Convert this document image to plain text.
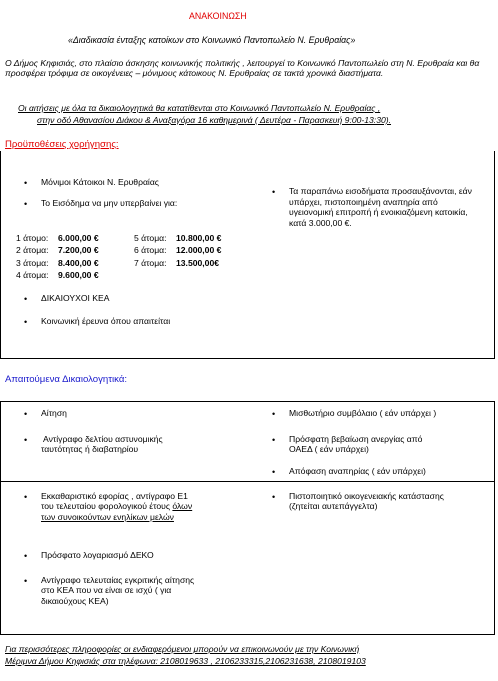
ΑΝΑΚΟΙΝΩΣΗ
«Διαδικασία ένταξης κατοίκων στο Κοινωνικό Παντοπωλείο Ν. Ερυθραίας»
Ο Δήμος Κηφισιάς, στο πλαίσιο άσκησης κοινωνικής πολιτικής , λειτουργεί το Κοινωνικό Παντοπωλείο στη Ν. Ερυθραία και θα προσφέρει τρόφιμα σε οικογένειες – μόνιμους κάτοικους Ν. Ερυθραίας σε τακτά χρονικά διαστήματα.
Οι αιτήσεις με όλα τα δικαιολογητικά θα κατατίθενται στο Κοινωνικό Παντοπωλείο Ν. Ερυθραίας ,
στην οδό Αθανασίου Διάκου & Αναξαγόρα 16 καθημερινά ( Δευτέρα - Παρασκευή 9:00-13:30).
Προϋποθέσεις χορήγησης:
• Μόνιμοι Κάτοικοι Ν. Ερυθραίας
• Το Εισόδημα να μην υπερβαίνει για:
1 άτομο:	6.000,00 €	5 άτομα:	10.800,00 €
2 άτομα:	7.200,00 €	6 άτομα:	12.000,00 €
3 άτομα:	8.400,00 €	7 άτομα:	13.500,00€
4 άτομα:	9.600,00 €		
• ΔΙΚΑΙΟΥΧΟΙ ΚΕΑ
• Κοινωνική έρευνα όπου απαιτείται
• Τα παραπάνω εισοδήματα προσαυξάνονται, εάν υπάρχει, πιστοποιημένη αναπηρία από υγειονομική επιτροπή ή ενοικιαζόμενη κατοικία, κατά 3.000,00 €.
Απαιτούμενα Δικαιολογητικά:
• Αίτηση
• Αντίγραφο δελτίου αστυνομικής
ταυτότητας ή διαβατηρίου
• Μισθωτήριο συμβόλαιο ( εάν υπάρχει )
• Πρόσφατη βεβαίωση ανεργίας από
ΟΑΕΔ ( εάν υπάρχει)
• Απόφαση αναπηρίας ( εάν υπάρχει)
• Εκκαθαριστικό εφορίας , αντίγραφο Ε1
του τελευταίου φορολογικού έτους όλων
των συνοικούντων ενηλίκων μελών
• Πρόσφατο λογαριασμό ΔΕΚΟ
• Αντίγραφο τελευταίας εγκριτικής αίτησης
στο ΚΕΑ που να είναι σε ισχύ ( για
δικαιούχους ΚΕΑ)
• Πιστοποιητικό οικογενειακής κατάστασης
(ζητείται αυτεπάγγελτα)
Για περισσότερες πληροφορίες οι ενδιαφερόμενοι μπορούν να επικοινωνούν με την Κοινωνική
Μέριμνα Δήμου Κηφισιάς στα τηλέφωνα: 2108019633 , 2106233315,2106231638, 2108019103
